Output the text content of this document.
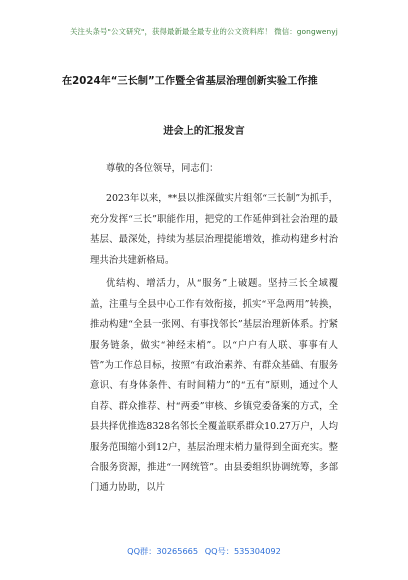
关注头条号"公文研究"，获得最新最全最专业的公文资料库！ 微信：gongwenyj
在2024年“三长制”工作暨全省基层治理创新实验工作推
进会上的汇报发言
尊敬的各位领导，同志们：

2023年以来，**县以推深做实片组邻“三长制”为抓手，充分发挥“三长”职能作用，把党的工作延伸到社会治理的最基层、最深处，持续为基层治理提能增效，推动构建乡村治理共治共建新格局。

优结构、增活力，从“服务”上破题。坚持三长全域覆盖，注重与全县中心工作有效衔接，抓实“平急两用”转换，推动构建“全县一张网、有事找邻长”基层治理新体系。拧紧服务链条，做实“神经末梢”。以“户户有人联、事事有人管”为工作总目标，按照“有政治素养、有群众基础、有服务意识、有身体条件、有时间精力”的“五有”原则，通过个人自荐、群众推荐、村“两委”审核、乡镇党委备案的方式，全县共择优推选8328名邻长全覆盖联系群众10.27万户，人均服务范围缩小到12户，基层治理末梢力量得到全面充实。整合服务资源，推进“一网统管”。由县委组织协调统筹，多部门通力协助，以片

QQ群：30265665 QQ号：535304092
